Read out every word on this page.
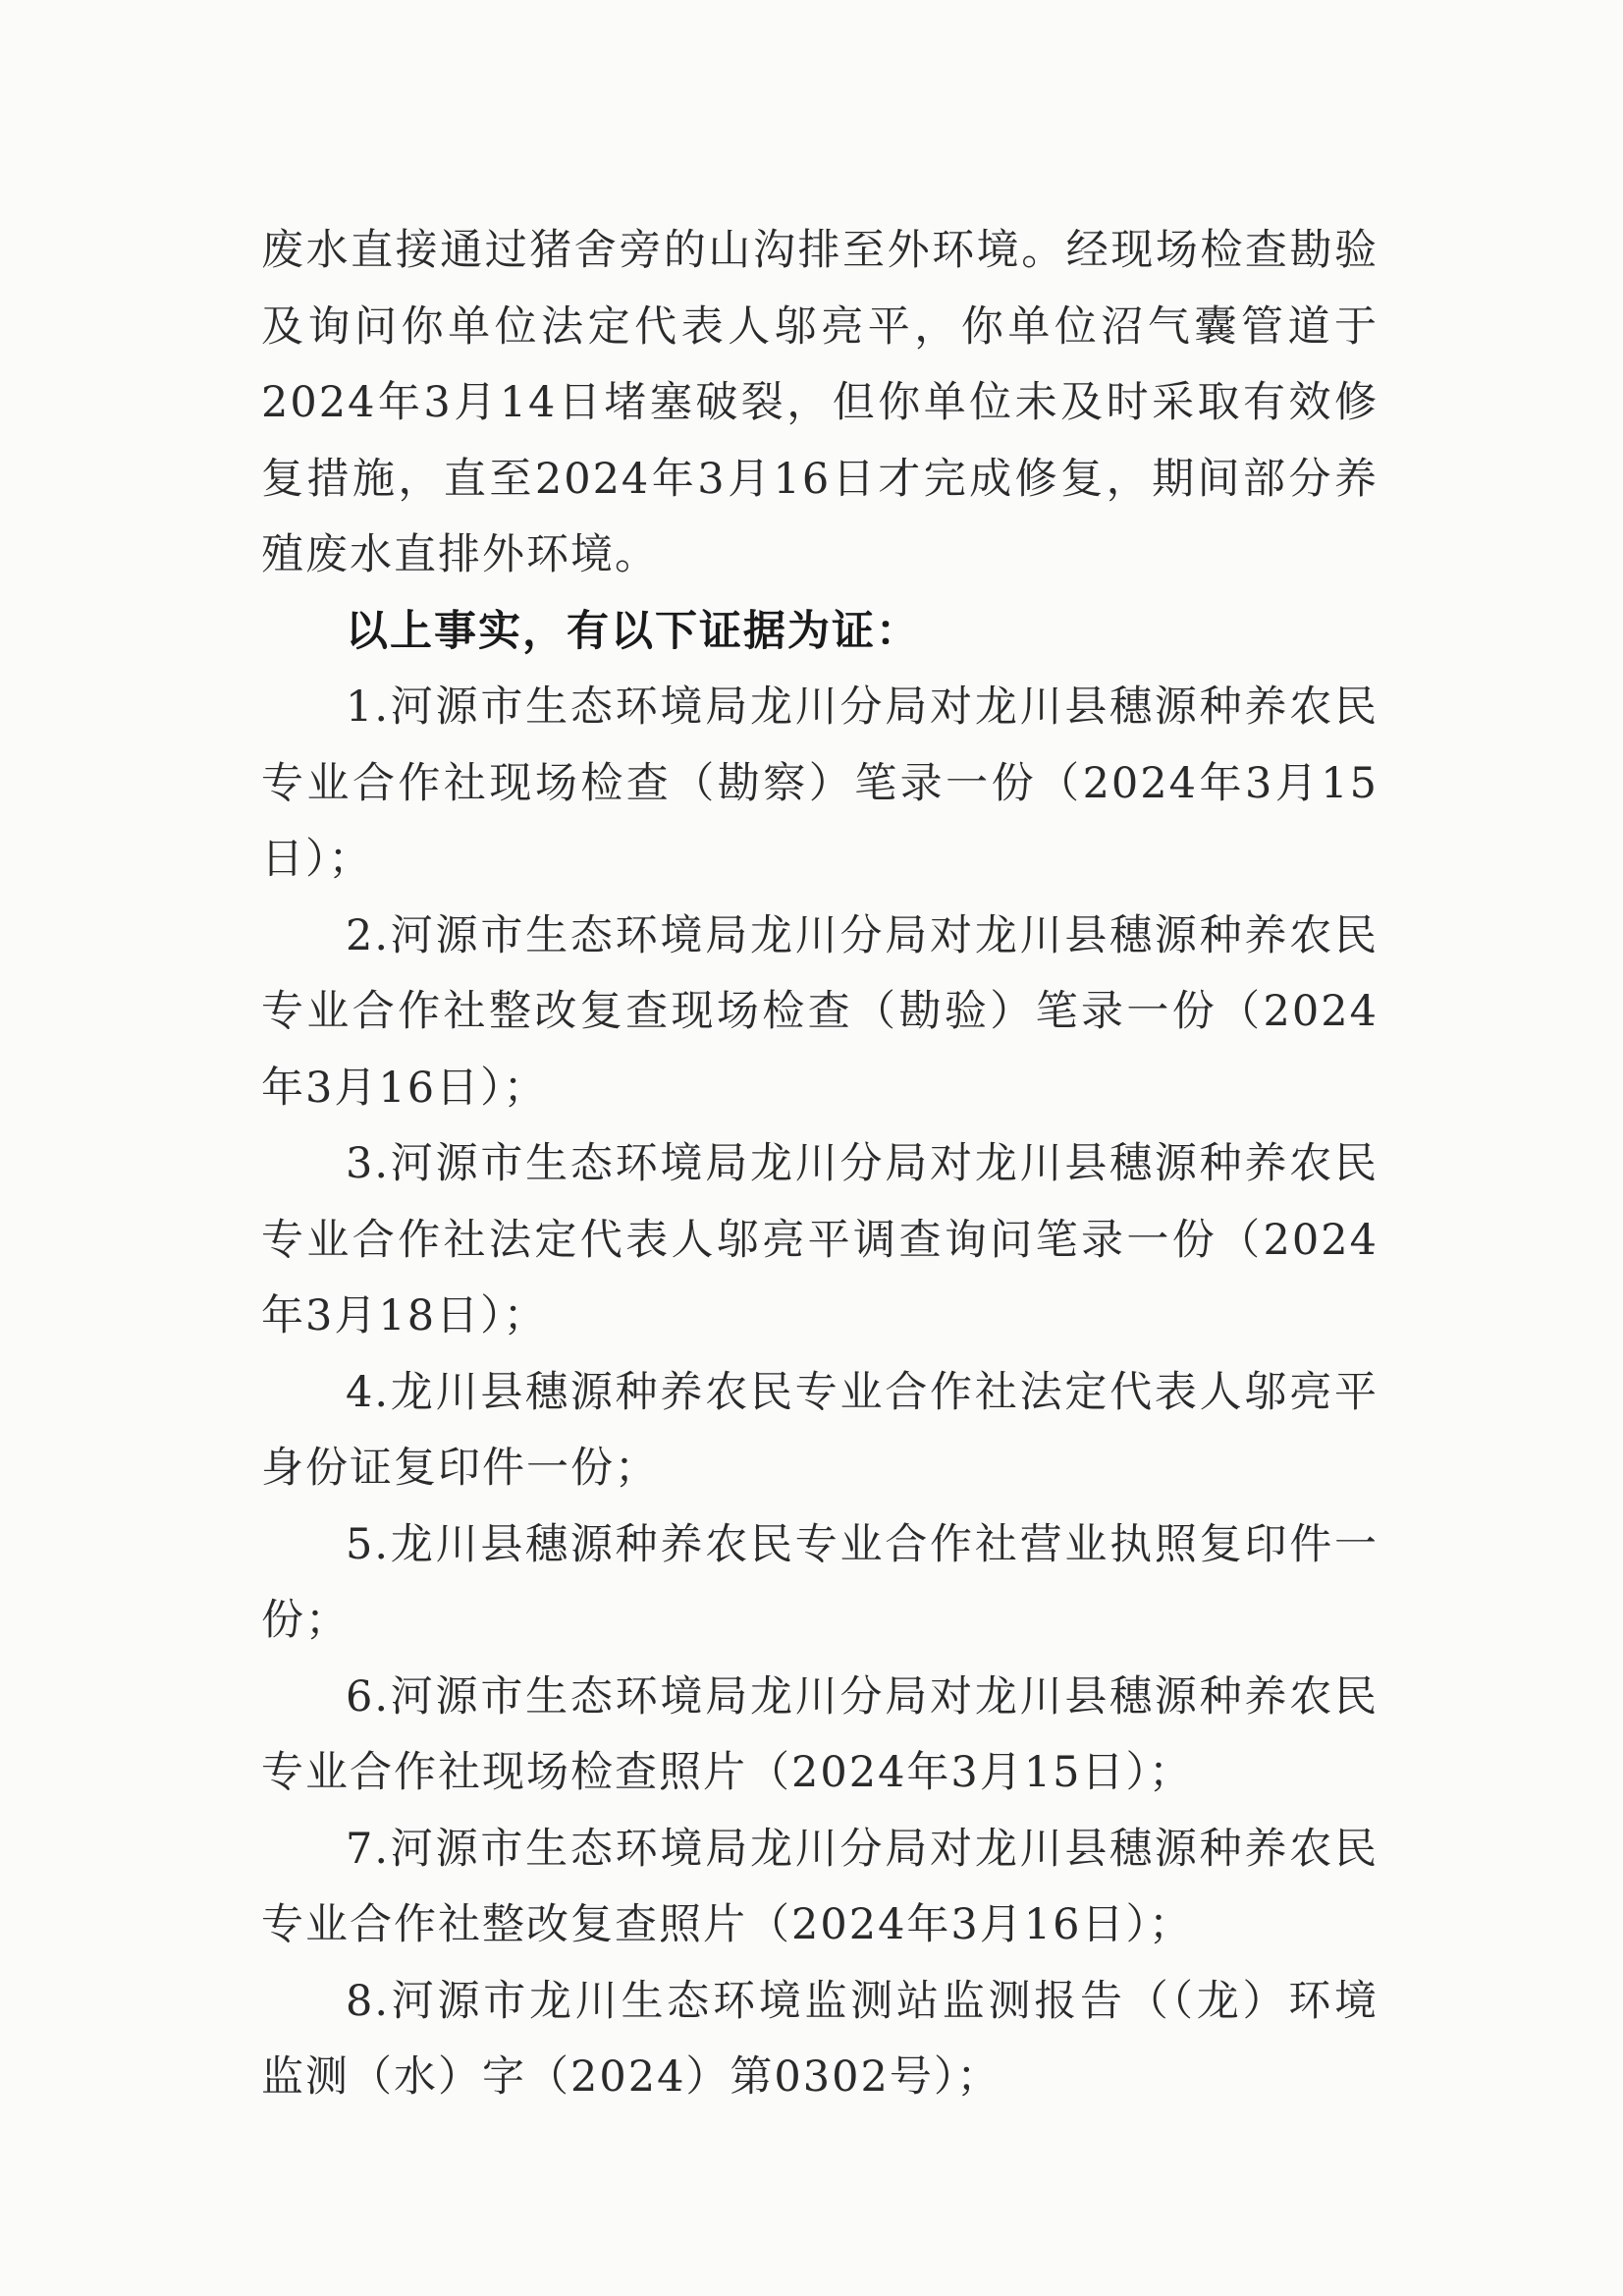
废水直接通过猪舍旁的山沟排至外环境。经现场检查勘验及询问你单位法定代表人邬亮平，你单位沼气囊管道于2024年3月14日堵塞破裂，但你单位未及时采取有效修复措施，直至2024年3月16日才完成修复，期间部分养殖废水直排外环境。

以上事实，有以下证据为证：

1.河源市生态环境局龙川分局对龙川县穗源种养农民专业合作社现场检查（勘察）笔录一份（2024年3月15日）；

2.河源市生态环境局龙川分局对龙川县穗源种养农民专业合作社整改复查现场检查（勘验）笔录一份（2024年3月16日）；

3.河源市生态环境局龙川分局对龙川县穗源种养农民专业合作社法定代表人邬亮平调查询问笔录一份（2024年3月18日）；

4.龙川县穗源种养农民专业合作社法定代表人邬亮平身份证复印件一份；

5.龙川县穗源种养农民专业合作社营业执照复印件一份；

6.河源市生态环境局龙川分局对龙川县穗源种养农民专业合作社现场检查照片（2024年3月15日）；

7.河源市生态环境局龙川分局对龙川县穗源种养农民专业合作社整改复查照片（2024年3月16日）；

8.河源市龙川生态环境监测站监测报告（（龙）环境监测（水）字（2024）第0302号）；
